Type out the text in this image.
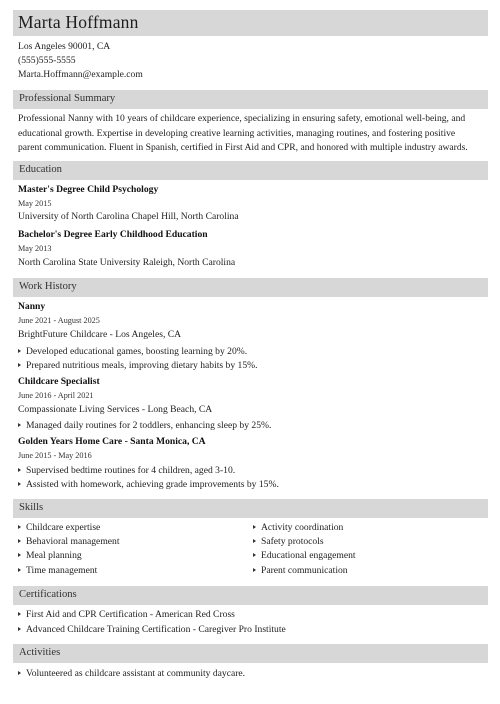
Marta Hoffmann
Los Angeles 90001, CA
(555)555-5555
Marta.Hoffmann@example.com
Professional Summary
Professional Nanny with 10 years of childcare experience, specializing in ensuring safety, emotional well-being, and educational growth. Expertise in developing creative learning activities, managing routines, and fostering positive parent communication. Fluent in Spanish, certified in First Aid and CPR, and honored with multiple industry awards.
Education
Master's Degree Child Psychology
May 2015
University of North Carolina Chapel Hill, North Carolina
Bachelor's Degree Early Childhood Education
May 2013
North Carolina State University Raleigh, North Carolina
Work History
Nanny
June 2021 - August 2025
BrightFuture Childcare - Los Angeles, CA
Developed educational games, boosting learning by 20%.
Prepared nutritious meals, improving dietary habits by 15%.
Childcare Specialist
June 2016 - April 2021
Compassionate Living Services - Long Beach, CA
Managed daily routines for 2 toddlers, enhancing sleep by 25%.
Golden Years Home Care - Santa Monica, CA
June 2015 - May 2016
Supervised bedtime routines for 4 children, aged 3-10.
Assisted with homework, achieving grade improvements by 15%.
Skills
Childcare expertise
Behavioral management
Meal planning
Time management
Activity coordination
Safety protocols
Educational engagement
Parent communication
Certifications
First Aid and CPR Certification - American Red Cross
Advanced Childcare Training Certification - Caregiver Pro Institute
Activities
Volunteered as childcare assistant at community daycare.
